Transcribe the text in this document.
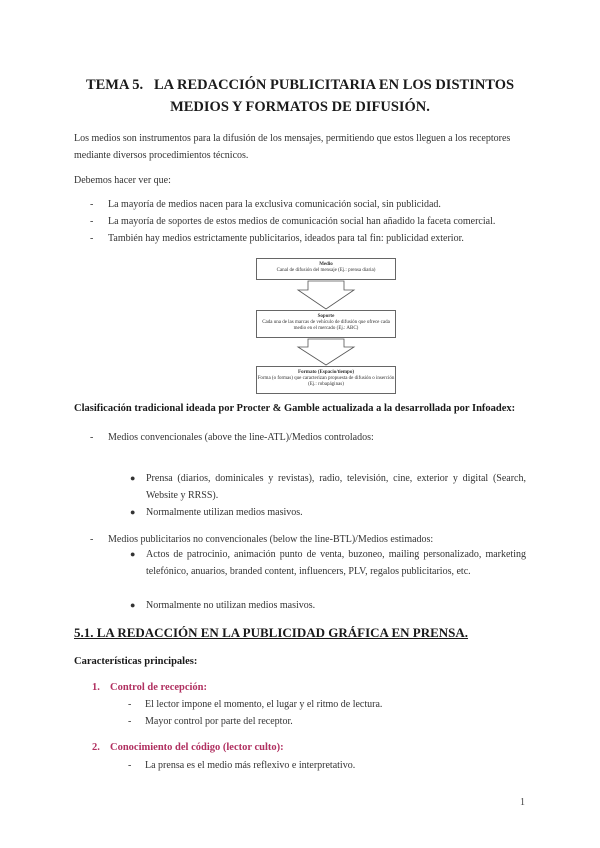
TEMA 5.   LA REDACCIÓN PUBLICITARIA EN LOS DISTINTOS
MEDIOS Y FORMATOS DE DIFUSIÓN.
Los medios son instrumentos para la difusión de los mensajes, permitiendo que estos lleguen a los receptores
mediante diversos procedimientos técnicos.
Debemos hacer ver que:
- La mayoría de medios nacen para la exclusiva comunicación social, sin publicidad.
- La mayoría de soportes de estos medios de comunicación social han añadido la faceta comercial.
- También hay medios estrictamente publicitarios, ideados para tal fin: publicidad exterior.
Medio
Canal de difusión del mensaje (Ej.: prensa diaria)
Soporte
Cada una de las marcas de vehículo de difusión que ofrece cada medio en el mercado (Ej.: ABC)
Formato (Espacio/tiempo)
Forma (o formas) que caracterizan propuesta de difusión o inserción (Ej.: robapáginas)
Clasificación tradicional ideada por Procter & Gamble actualizada a la desarrollada por Infoadex:
- Medios convencionales (above the line-ATL)/Medios controlados:
●	Prensa (diarios, dominicales y revistas), radio, televisión, cine, exterior y digital (Search, Website y RRSS).
●	Normalmente utilizan medios masivos.
- Medios publicitarios no convencionales (below the line-BTL)/Medios estimados:
●	Actos de patrocinio, animación punto de venta, buzoneo, mailing personalizado, marketing telefónico, anuarios, branded content, influencers, PLV, regalos publicitarios, etc.
●	Normalmente no utilizan medios masivos.
5.1. LA REDACCIÓN EN LA PUBLICIDAD GRÁFICA EN PRENSA.
Características principales:
1. Control de recepción:
- El lector impone el momento, el lugar y el ritmo de lectura.
- Mayor control por parte del receptor.
2. Conocimiento del código (lector culto):
- La prensa es el medio más reflexivo e interpretativo.
1
